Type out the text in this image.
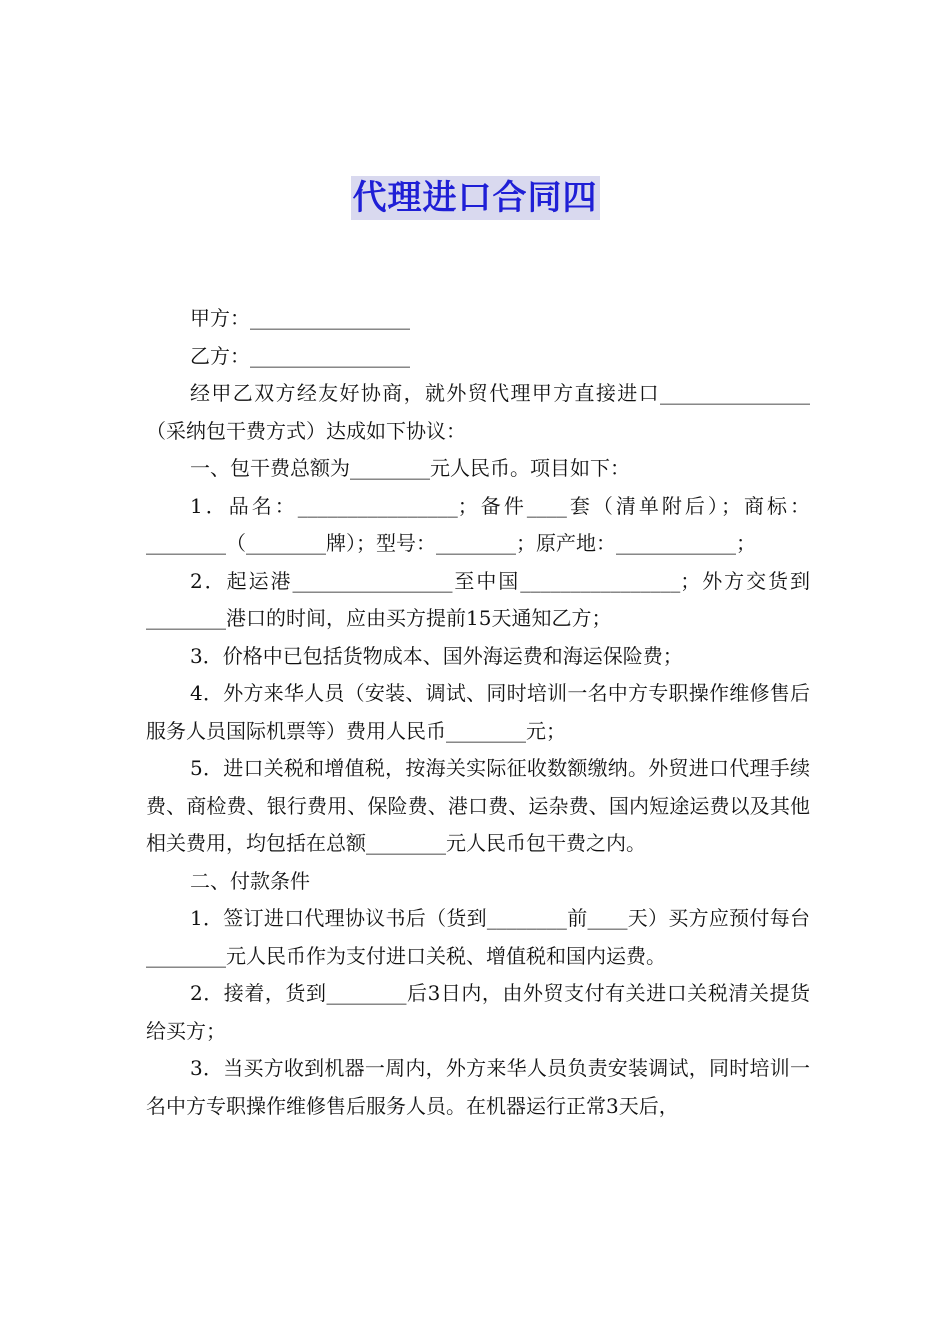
代理进口合同四

甲方：________________

乙方：________________

经甲乙双方经友好协商，就外贸代理甲方直接进口_______________（采纳包干费方式）达成如下协议：

一、包干费总额为________元人民币。项目如下：

1．品名：________________；备件____套（清单附后）；商标：________（________牌）；型号：________；原产地：____________；

2．起运港________________至中国________________；外方交货到________港口的时间，应由买方提前15天通知乙方；

3．价格中已包括货物成本、国外海运费和海运保险费；

4．外方来华人员（安装、调试、同时培训一名中方专职操作维修售后服务人员国际机票等）费用人民币________元；

5．进口关税和增值税，按海关实际征收数额缴纳。外贸进口代理手续费、商检费、银行费用、保险费、港口费、运杂费、国内短途运费以及其他相关费用，均包括在总额________元人民币包干费之内。

二、付款条件

1．签订进口代理协议书后（货到________前____天）买方应预付每台________元人民币作为支付进口关税、增值税和国内运费。

2．接着，货到________后3日内，由外贸支付有关进口关税清关提货给买方；

3．当买方收到机器一周内，外方来华人员负责安装调试，同时培训一名中方专职操作维修售后服务人员。在机器运行正常3天后，
